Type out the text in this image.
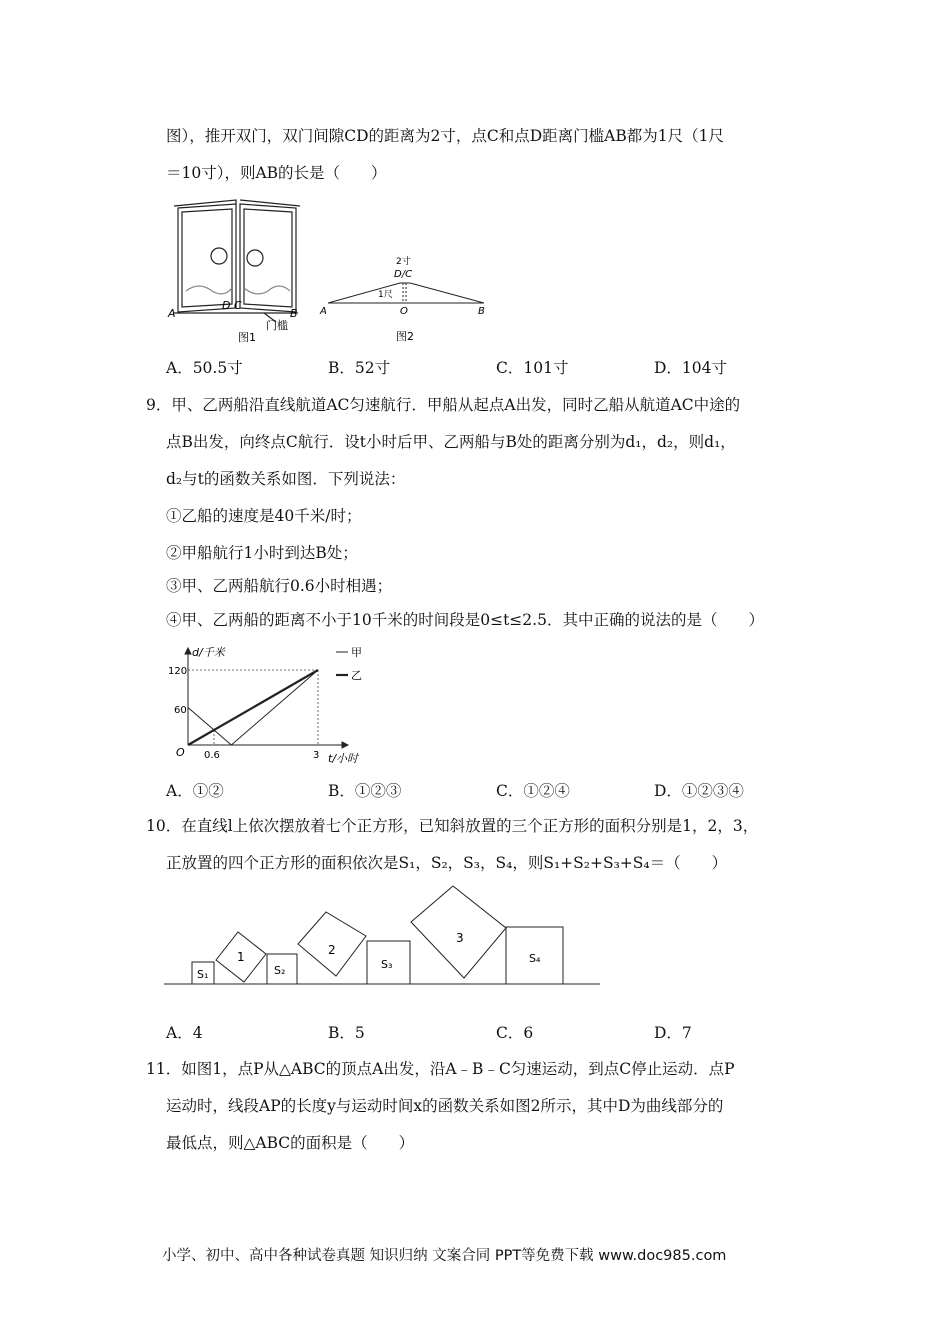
图），推开双门，双门间隙CD的距离为2寸，点C和点D距离门槛AB都为1尺（1尺
＝10寸），则AB的长是（　　）
A	B
D C
门槛
图1
A	B
O
2寸
D/C
1尺
图2
A．50.5寸	B．52寸	C．101寸	D．104寸
9．甲、乙两船沿直线航道AC匀速航行．甲船从起点A出发，同时乙船从航道AC中途的
点B出发，向终点C航行．设t小时后甲、乙两船与B处的距离分别为d₁，d₂，则d₁，
d₂与t的函数关系如图．下列说法：
①乙船的速度是40千米/时；
②甲船航行1小时到达B处；
③甲、乙两船航行0.6小时相遇；
④甲、乙两船的距离不小于10千米的时间段是0≤t≤2.5．其中正确的说法的是（　　）
d/千米
t/小时
O
120
60
0.6	3
甲
乙
A．①②	B．①②③	C．①②④	D．①②③④
10．在直线l上依次摆放着七个正方形，已知斜放置的三个正方形的面积分别是1，2，3，
正放置的四个正方形的面积依次是S₁，S₂，S₃，S₄，则S₁+S₂+S₃+S₄＝（　　）
S₁
1
S₂
2
S₃
3
S₄
A．4	B．5	C．6	D．7
11．如图1，点P从△ABC的顶点A出发，沿A﹣B﹣C匀速运动，到点C停止运动．点P
运动时，线段AP的长度y与运动时间x的函数关系如图2所示，其中D为曲线部分的
最低点，则△ABC的面积是（　　）
小学、初中、高中各种试卷真题 知识归纳 文案合同 PPT等免费下载 www.doc985.com
